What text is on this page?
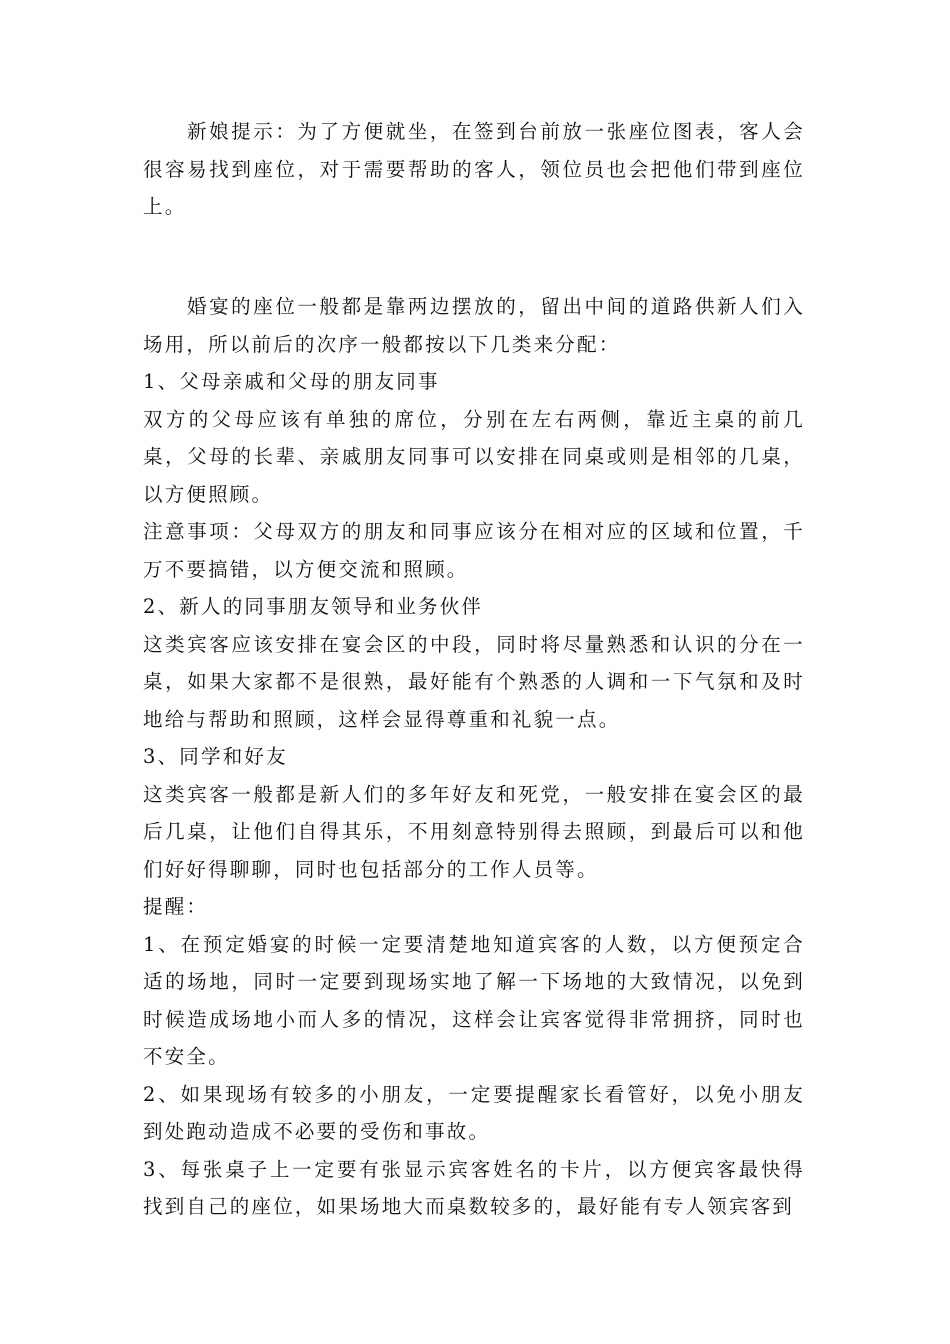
新娘提示：为了方便就坐，在签到台前放一张座位图表，客人会很容易找到座位，对于需要帮助的客人，领位员也会把他们带到座位上。

婚宴的座位一般都是靠两边摆放的，留出中间的道路供新人们入场用，所以前后的次序一般都按以下几类来分配：
1、父母亲戚和父母的朋友同事
双方的父母应该有单独的席位，分别在左右两侧，靠近主桌的前几桌，父母的长辈、亲戚朋友同事可以安排在同桌或则是相邻的几桌，以方便照顾。
注意事项：父母双方的朋友和同事应该分在相对应的区域和位置，千万不要搞错，以方便交流和照顾。
2、新人的同事朋友领导和业务伙伴
这类宾客应该安排在宴会区的中段，同时将尽量熟悉和认识的分在一桌，如果大家都不是很熟，最好能有个熟悉的人调和一下气氛和及时地给与帮助和照顾，这样会显得尊重和礼貌一点。
3、同学和好友
这类宾客一般都是新人们的多年好友和死党，一般安排在宴会区的最后几桌，让他们自得其乐，不用刻意特别得去照顾，到最后可以和他们好好得聊聊，同时也包括部分的工作人员等。
提醒：
1、在预定婚宴的时候一定要清楚地知道宾客的人数，以方便预定合适的场地，同时一定要到现场实地了解一下场地的大致情况，以免到时候造成场地小而人多的情况，这样会让宾客觉得非常拥挤，同时也不安全。
2、如果现场有较多的小朋友，一定要提醒家长看管好，以免小朋友到处跑动造成不必要的受伤和事故。
3、每张桌子上一定要有张显示宾客姓名的卡片，以方便宾客最快得找到自己的座位，如果场地大而桌数较多的，最好能有专人领宾客到
